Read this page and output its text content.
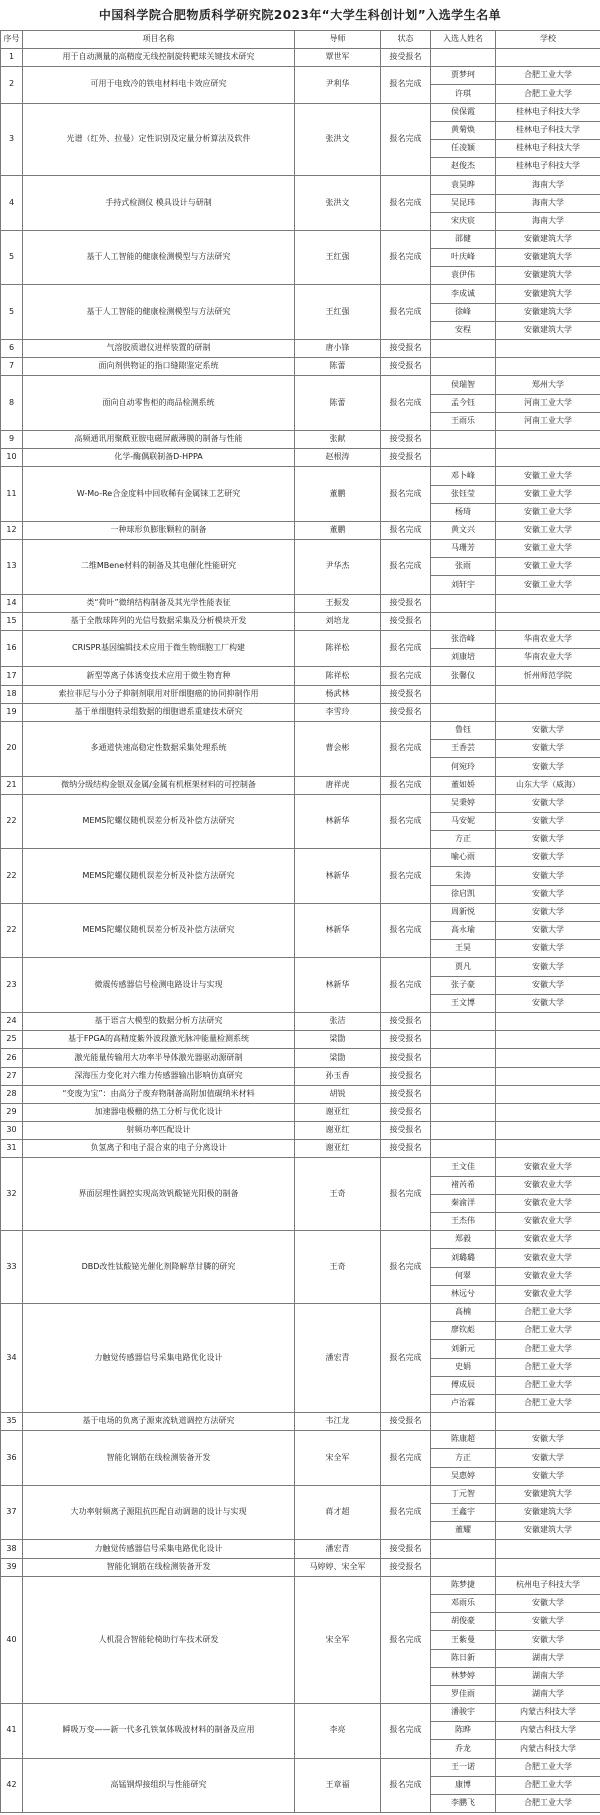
中国科学院合肥物质科学研究院2023年“大学生科创计划”入选学生名单
序号	项目名称	导师	状态	入选人姓名	学校
1	用于自动测量的高精度无线控制旋转靶球关键技术研究	覃世军	接受报名		
2	可用于电致冷的铁电材料电卡效应研究	尹利华	报名完成	贾梦珂	合肥工业大学
				许琪	合肥工业大学
3	光谱（红外、拉曼）定性识别及定量分析算法及软件	张洪文	报名完成	侯保霞	桂林电子科技大学
				黄菊焕	桂林电子科技大学
				任凌颖	桂林电子科技大学
				赵俊杰	桂林电子科技大学
4	手持式检测仪 模具设计与研制	张洪文	报名完成	袁昊晔	海南大学
				吴昆玮	海南大学
				宋庆宸	海南大学
5	基于人工智能的健康检测模型与方法研究	王红强	报名完成	邵健	安徽建筑大学
				叶庆峰	安徽建筑大学
				袁伊伟	安徽建筑大学
5	基于人工智能的健康检测模型与方法研究	王红强	报名完成	李成诚	安徽建筑大学
				徐峰	安徽建筑大学
				安程	安徽建筑大学
6	气溶胶质谱仪进样装置的研制	唐小锋	接受报名		
7	面向剂供物证的指口缝隙鉴定系统	陈蕾	接受报名		
8	面向自动零售柜的商品检测系统	陈蕾	报名完成	侯瑞智	郑州大学
				孟今钰	河南工业大学
				王雨乐	河南工业大学
9	高频通讯用聚酰亚胺电磁屏蔽薄膜的制备与性能	张献	接受报名		
10	化学-酶偶联制备D-HPPA	赵根涛	接受报名		
11	W-Mo-Re合金度料中回收稀有金属铼工艺研究	董鹏	报名完成	邓卜峰	安徽工业大学
				张钰莹	安徽工业大学
				杨琦	安徽工业大学
12	一种球形负膨胀颗粒的制备	董鹏	报名完成	黄文兴	安徽工业大学
13	二维MBene材料的制备及其电催化性能研究	尹华杰	报名完成	马珊芳	安徽工业大学
				张雨	安徽工业大学
				刘轩宇	安徽工业大学
14	类“荷叶”微纳结构制备及其光学性能表征	王振发	接受报名		
15	基于全散球阵列的光信号数据采集及分析模块开发	刘培龙	接受报名		
16	CRISPR基因编辑技术应用于微生物细胞工厂构建	陈祥松	报名完成	张浩峰	华南农业大学
				刘康培	华南农业大学
17	新型等离子体诱变技术应用于微生物育种	陈祥松	报名完成	张馨仪	忻州师范学院
18	索拉菲尼与小分子抑制剂联用对肝细胞癌的协同抑制作用	杨武林	接受报名		
19	基于单细胞转录组数据的细胞谱系重建技术研究	李雪玲	接受报名		
20	多通道快速高稳定性数据采集处理系统	曹会彬	报名完成	鲁钰	安徽大学
				王香芸	安徽大学
				何宛玲	安徽大学
21	微纳分级结构金银双金属/金属有机框架材料的可控制备	唐祥虎	报名完成	董如娇	山东大学（威海）
22	MEMS陀螺仪随机误差分析及补偿方法研究	林新华	报名完成	吴秉婷	安徽大学
				马安妮	安徽大学
				方正	安徽大学
22	MEMS陀螺仪随机误差分析及补偿方法研究	林新华	报名完成	喻心雨	安徽大学
				朱涛	安徽大学
				徐启凯	安徽大学
22	MEMS陀螺仪随机误差分析及补偿方法研究	林新华	报名完成	周新悦	安徽大学
				高永瑜	安徽大学
				王昊	安徽大学
23	微震传感器信号检测电路设计与实现	林新华	报名完成	贾凡	安徽大学
				张子豪	安徽大学
				王文博	安徽大学
24	基于语言大模型的数据分析方法研究	张洁	接受报名		
25	基于FPGA的高精度紫外波段激光脉冲能量检测系统	梁勖	接受报名		
26	激光能量传输用大功率半导体激光器驱动源研制	梁勖	接受报名		
27	深海压力变化对六维力传感器输出影响仿真研究	孙玉香	接受报名		
28	“变废为宝”：由高分子废弃物制备高附加值碳纳米材料	胡锐	接受报名		
29	加速器电极栅的热工分析与优化设计	谢亚红	接受报名		
30	射频功率匹配设计	谢亚红	接受报名		
31	负氢离子和电子混合束的电子分离设计	谢亚红	接受报名		
32	界面层理性调控实现高效钒酸铋光阳极的制备	王奇	报名完成	王文佳	安徽农业大学
				褚芮希	安徽农业大学
				秦渝洋	安徽农业大学
				王杰伟	安徽农业大学
33	DBD改性钛酸铋光催化剂降解草甘膦的研究	王奇	报名完成	郑毅	安徽农业大学
				刘璐璐	安徽农业大学
				何翠	安徽农业大学
				林远兮	安徽农业大学
34	力触觉传感器信号采集电路优化设计	潘宏青	报名完成	高楠	合肥工业大学
				廖钦彪	合肥工业大学
				刘新元	合肥工业大学
				史娟	合肥工业大学
				傅成辰	合肥工业大学
				卢治霖	合肥工业大学
35	基于电场的负离子源束流轨道调控方法研究	韦江龙	接受报名		
36	智能化钢筋在线检测装备开发	宋全军	报名完成	陈康超	安徽大学
				方正	安徽大学
				吴惠婷	安徽大学
37	大功率射频离子源阻抗匹配自动调谐的设计与实现	蒋才超	报名完成	丁元智	安徽建筑大学
				王鑫宇	安徽建筑大学
				董耀	安徽建筑大学
38	力触觉传感器信号采集电路优化设计	潘宏青	接受报名		
39	智能化钢筋在线检测装备开发	马婷婷、宋全军	接受报名		
40	人机混合智能轮椅助行车技术研发	宋全军	报名完成	陈梦捷	杭州电子科技大学
				邓雨乐	安徽大学
				胡俊豪	安徽大学
				王紫曼	安徽大学
				陈日新	湖南大学
				林梦婷	湖南大学
				罗佳雨	湖南大学
41	瞬吸万变——新一代多孔铁氧体吸波材料的制备及应用	李亮	报名完成	潘骏宇	内蒙古科技大学
				陈晔	内蒙古科技大学
				乔龙	内蒙古科技大学
42	高锰钢焊接组织与性能研究	王章福	报名完成	王一诺	合肥工业大学
				康博	合肥工业大学
				李鹏飞	合肥工业大学
